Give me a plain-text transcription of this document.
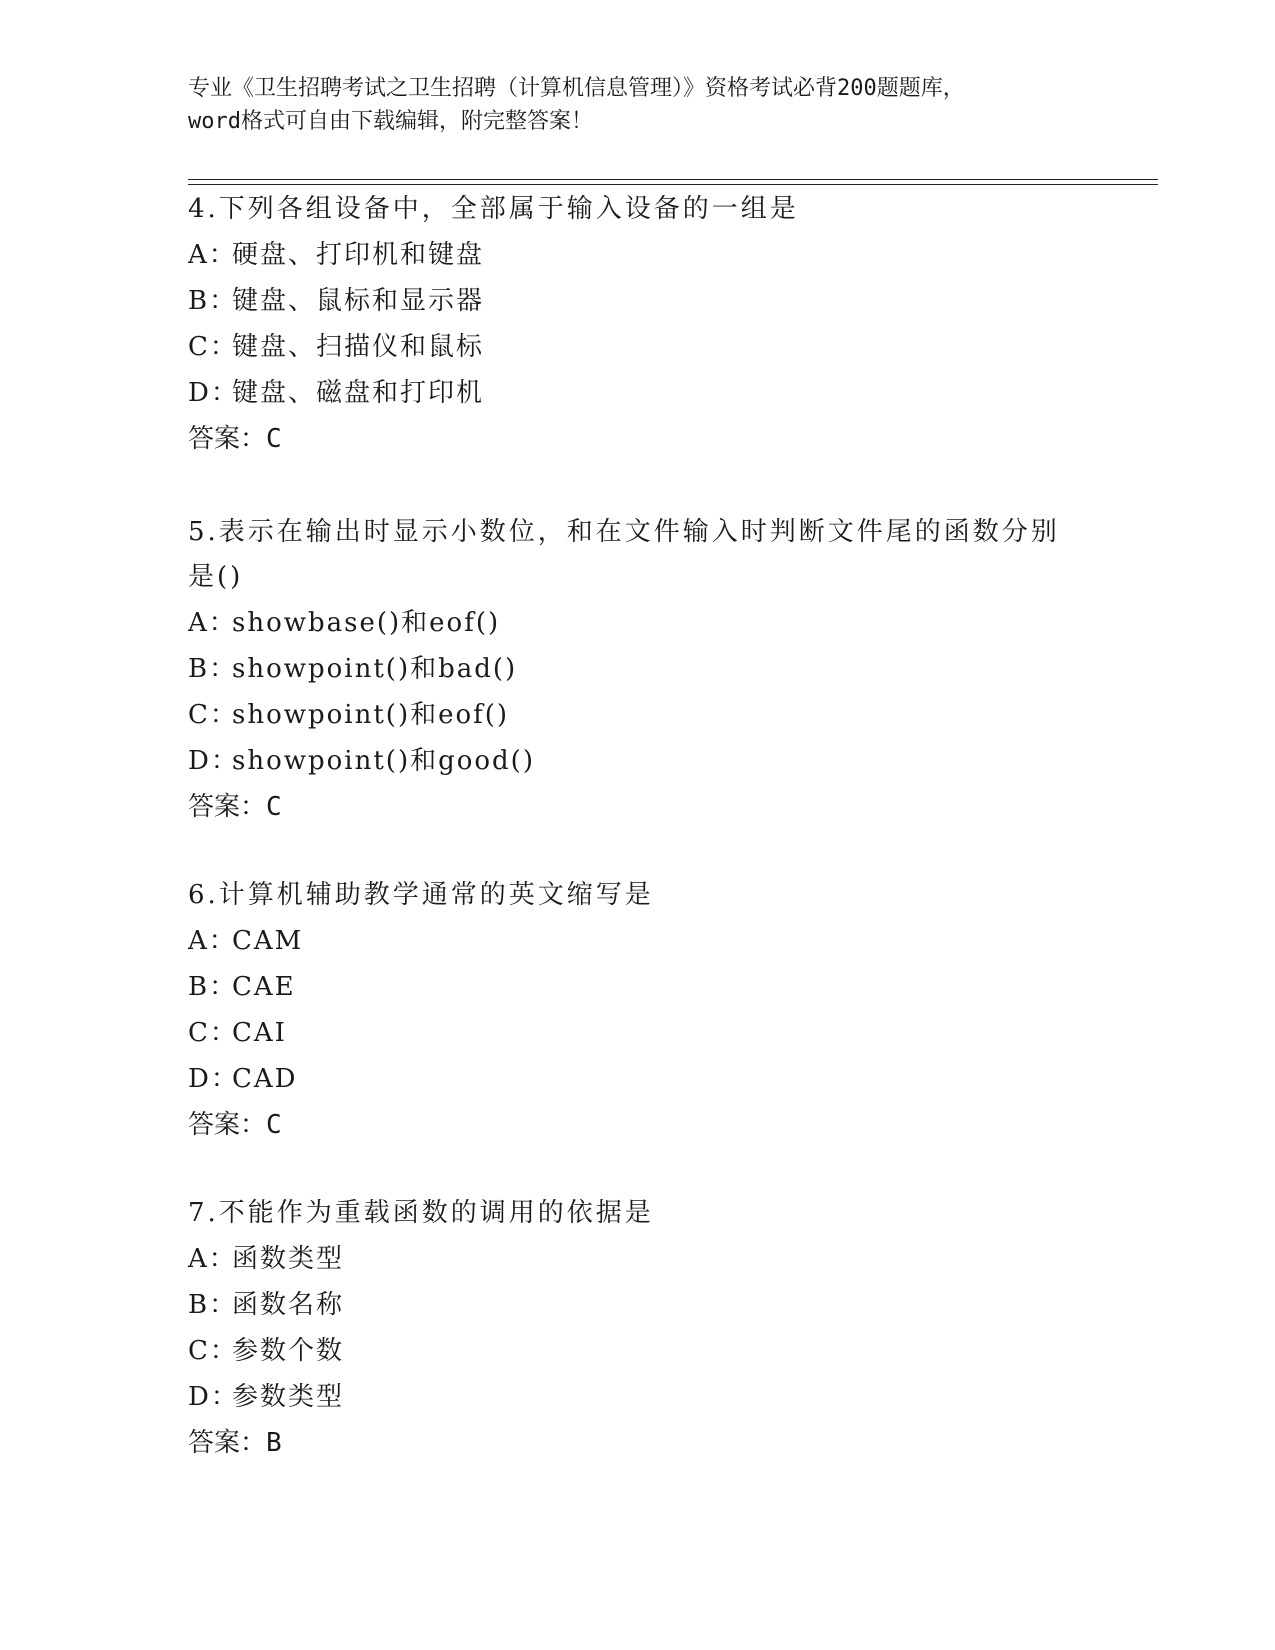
专业《卫生招聘考试之卫生招聘（计算机信息管理）》资格考试必背200题题库，
word格式可自由下载编辑，附完整答案！
4.下列各组设备中，全部属于输入设备的一组是
A：硬盘、打印机和键盘
B：键盘、鼠标和显示器
C：键盘、扫描仪和鼠标
D：键盘、磁盘和打印机
答案：C
5.表示在输出时显示小数位，和在文件输入时判断文件尾的函数分别
是()
A：showbase()和eof()
B：showpoint()和bad()
C：showpoint()和eof()
D：showpoint()和good()
答案：C
6.计算机辅助教学通常的英文缩写是
A：CAM
B：CAE
C：CAI
D：CAD
答案：C
7.不能作为重载函数的调用的依据是
A：函数类型
B：函数名称
C：参数个数
D：参数类型
答案：B
